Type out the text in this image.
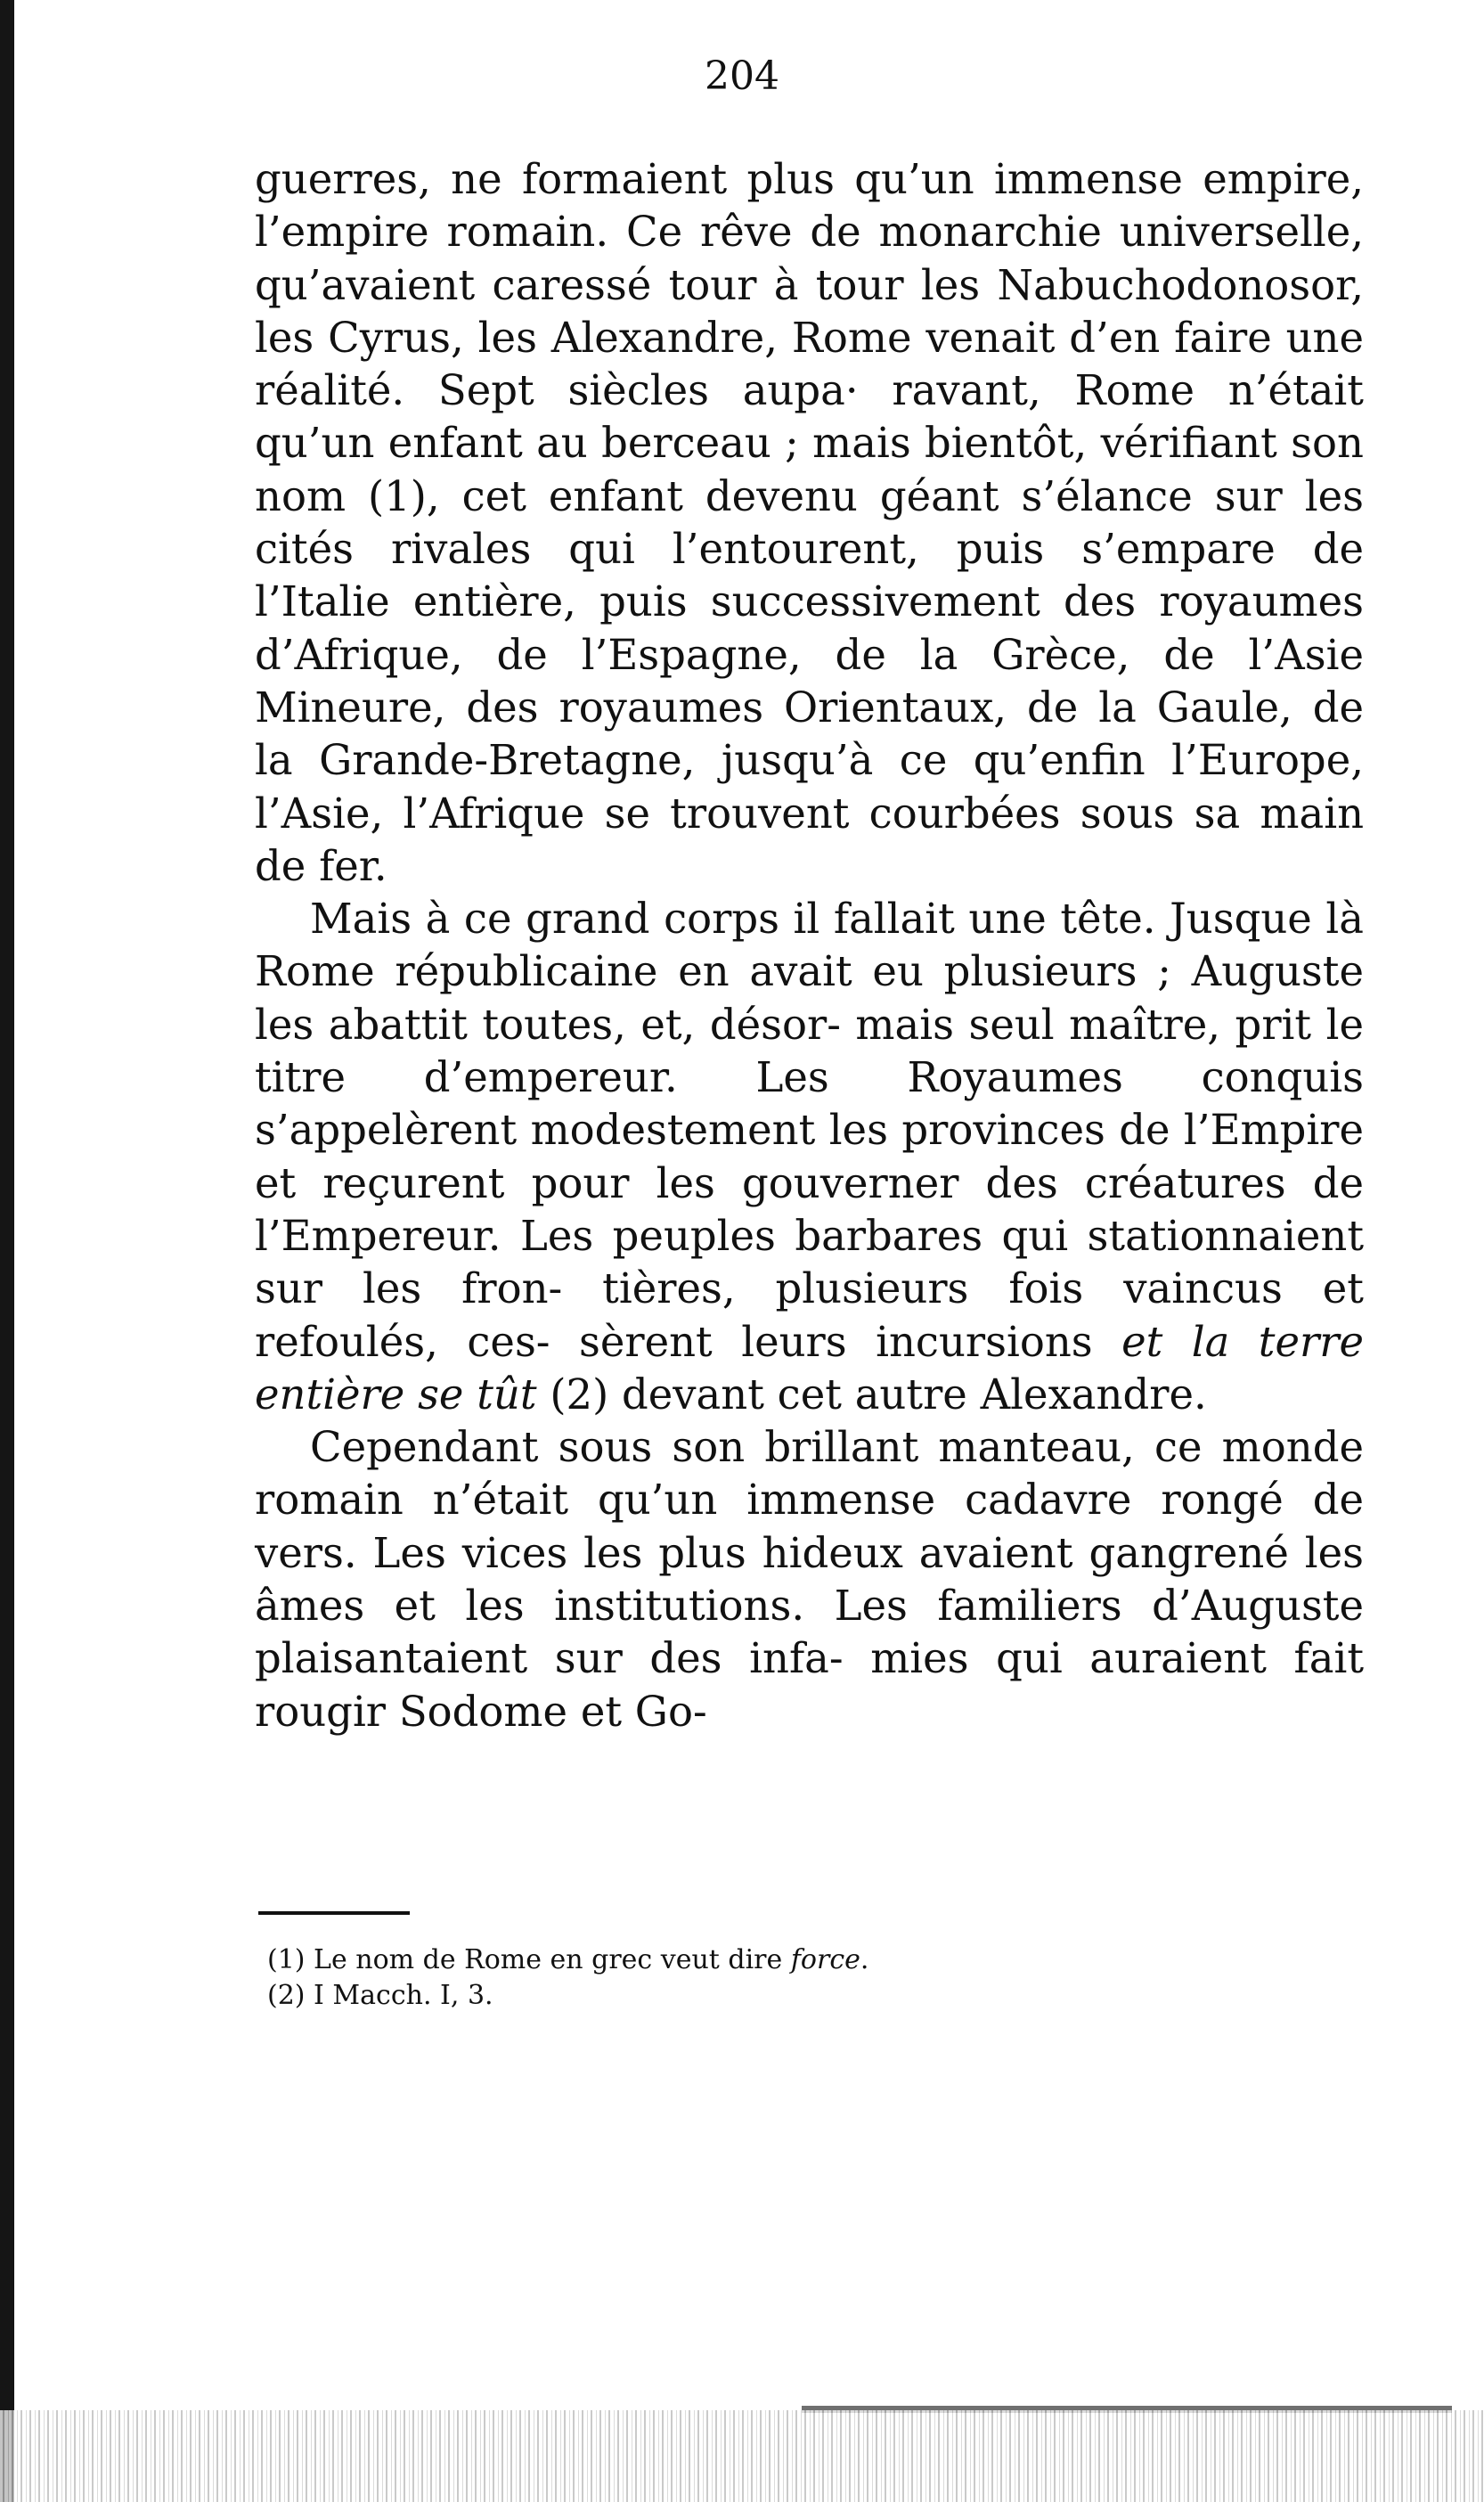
204

guerres, ne formaient plus qu’un immense empire, l’empire romain. Ce rêve de monarchie universelle, qu’avaient caressé tour à tour les Nabuchodonosor, les Cyrus, les Alexandre, Rome venait d’en faire une réalité. Sept siècles aupa· ravant, Rome n’était qu’un enfant au berceau ; mais bientôt, vérifiant son nom (1), cet enfant devenu géant s’élance sur les cités rivales qui l’entourent, puis s’empare de l’Italie entière, puis successivement des royaumes d’Afrique, de l’Espagne, de la Grèce, de l’Asie Mineure, des royaumes Orientaux, de la Gaule, de la Grande-Bretagne, jusqu’à ce qu’enfin l’Europe, l’Asie, l’Afrique se trouvent courbées sous sa main de fer.

Mais à ce grand corps il fallait une tête. Jusque là Rome républicaine en avait eu plusieurs ; Auguste les abattit toutes, et, désor- mais seul maître, prit le titre d’empereur. Les Royaumes conquis s’appelèrent modestement les provinces de l’Empire et reçurent pour les gouverner des créatures de l’Empereur. Les peuples barbares qui stationnaient sur les fron- tières, plusieurs fois vaincus et refoulés, ces- sèrent leurs incursions et la terre entière se tût (2) devant cet autre Alexandre.

Cependant sous son brillant manteau, ce monde romain n’était qu’un immense cadavre rongé de vers. Les vices les plus hideux avaient gangrené les âmes et les institutions. Les familiers d’Auguste plaisantaient sur des infa- mies qui auraient fait rougir Sodome et Go-

(1) Le nom de Rome en grec veut dire force.
(2) I Macch. I, 3.
